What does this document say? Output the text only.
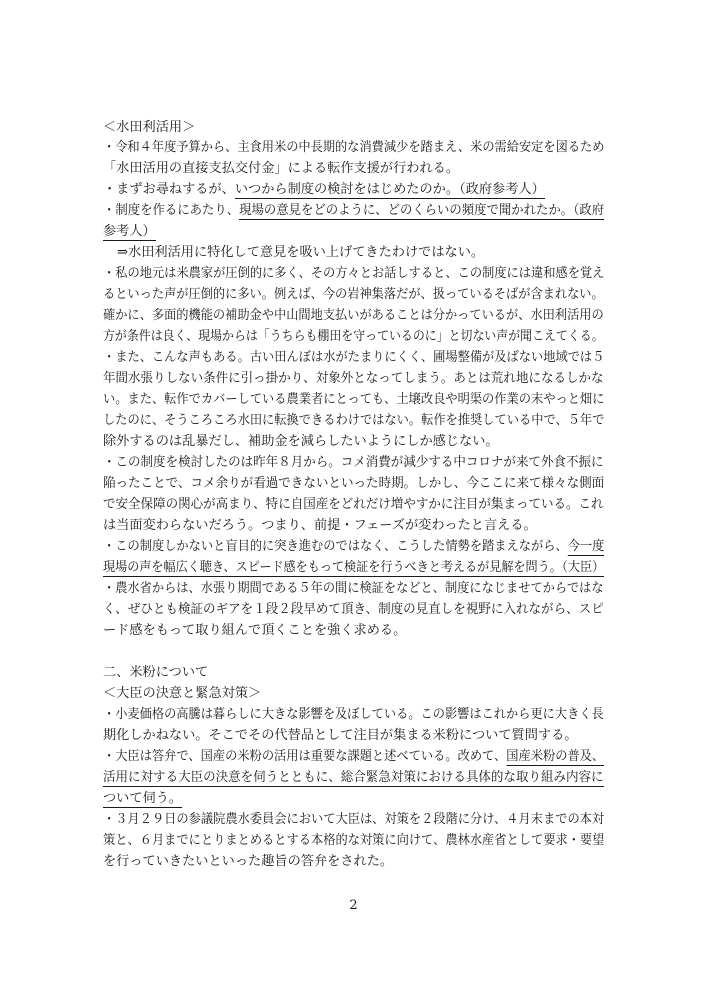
＜水田利活用＞
・令和４年度予算から、主食用米の中長期的な消費減少を踏まえ、米の需給安定を図るため
「水田活用の直接支払交付金」による転作支援が行われる。
・まずお尋ねするが、いつから制度の検討をはじめたのか。（政府参考人）
・制度を作るにあたり、現場の意見をどのように、どのくらいの頻度で聞かれたか。（政府
参考人）
⇒水田利活用に特化して意見を吸い上げてきたわけではない。
・私の地元は米農家が圧倒的に多く、その方々とお話しすると、この制度には違和感を覚え
るといった声が圧倒的に多い。例えば、今の岩神集落だが、扱っているそばが含まれない。
確かに、多面的機能の補助金や中山間地支払いがあることは分かっているが、水田利活用の
方が条件は良く、現場からは「うちらも棚田を守っているのに」と切ない声が聞こえてくる。
・また、こんな声もある。古い田んぼは水がたまりにくく、圃場整備が及ばない地域では５
年間水張りしない条件に引っ掛かり、対象外となってしまう。あとは荒れ地になるしかな
い。また、転作でカバーしている農業者にとっても、土壌改良や明渠の作業の末やっと畑に
したのに、そうころころ水田に転換できるわけではない。転作を推奨している中で、５年で
除外するのは乱暴だし、補助金を減らしたいようにしか感じない。
・この制度を検討したのは昨年８月から。コメ消費が減少する中コロナが来て外食不振に
陥ったことで、コメ余りが看過できないといった時期。しかし、今ここに来て様々な側面
で安全保障の関心が高まり、特に自国産をどれだけ増やすかに注目が集まっている。これ
は当面変わらないだろう。つまり、前提・フェーズが変わったと言える。
・この制度しかないと盲目的に突き進むのではなく、こうした情勢を踏まえながら、今一度
現場の声を幅広く聴き、スピード感をもって検証を行うべきと考えるが見解を問う。（大臣）
・農水省からは、水張り期間である５年の間に検証をなどと、制度になじませてからではな
く、ぜひとも検証のギアを１段２段早めて頂き、制度の見直しを視野に入れながら、スピ
ード感をもって取り組んで頂くことを強く求める。
二、米粉について
＜大臣の決意と緊急対策＞
・小麦価格の高騰は暮らしに大きな影響を及ぼしている。この影響はこれから更に大きく長
期化しかねない。そこでその代替品として注目が集まる米粉について質問する。
・大臣は答弁で、国産の米粉の活用は重要な課題と述べている。改めて、国産米粉の普及、
活用に対する大臣の決意を伺うとともに、総合緊急対策における具体的な取り組み内容に
ついて伺う。
・３月２９日の参議院農水委員会において大臣は、対策を２段階に分け、４月末までの本対
策と、６月までにとりまとめるとする本格的な対策に向けて、農林水産省として要求・要望
を行っていきたいといった趣旨の答弁をされた。
2
